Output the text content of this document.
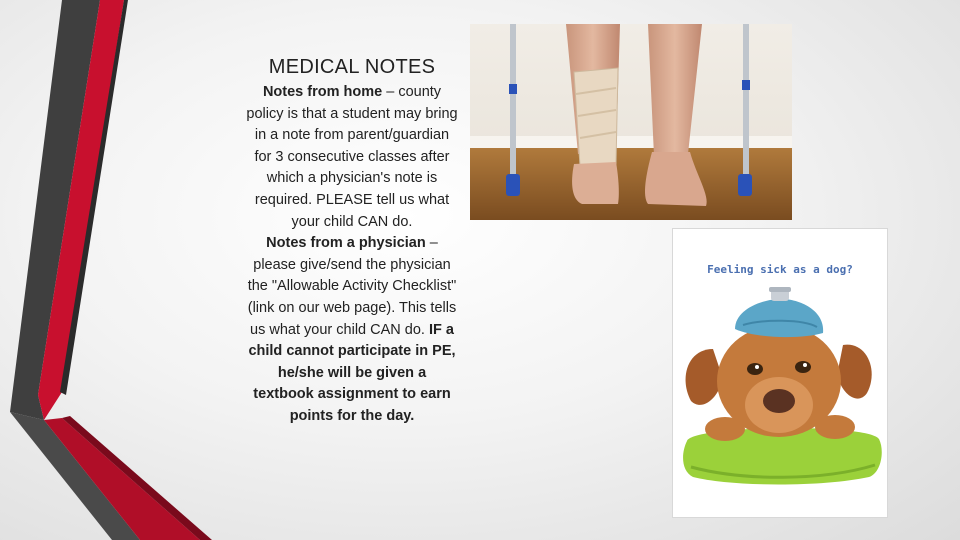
MEDICAL NOTES

Notes from home – county policy is that a student may bring in a note from parent/guardian for 3 consecutive classes after which a physician's note is required. PLEASE tell us what your child CAN do.

Notes from a physician – please give/send the physician the "Allowable Activity Checklist" (link on our web page). This tells us what your child CAN do. IF a child cannot participate in PE, he/she will be given a textbook assignment to earn points for the day.

Feeling sick as a dog?
